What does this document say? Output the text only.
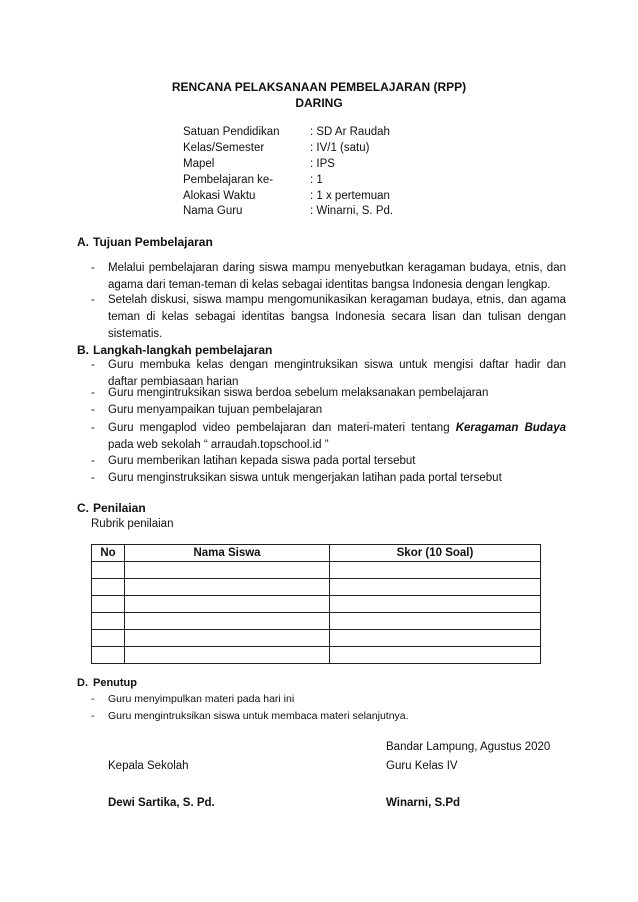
RENCANA PELAKSANAAN PEMBELAJARAN (RPP)
DARING
Satuan Pendidikan	: SD Ar Raudah
Kelas/Semester	: IV/1 (satu)
Mapel	: IPS
Pembelajaran ke-	: 1
Alokasi Waktu	: 1 x pertemuan
Nama Guru	: Winarni, S. Pd.
A. Tujuan Pembelajaran
- Melalui pembelajaran daring siswa mampu menyebutkan keragaman budaya, etnis, dan agama dari teman-teman di kelas sebagai identitas bangsa Indonesia dengan lengkap.
- Setelah diskusi, siswa mampu mengomunikasikan keragaman budaya, etnis, dan agama teman di kelas sebagai identitas bangsa Indonesia secara lisan dan tulisan dengan sistematis.
B. Langkah-langkah pembelajaran
- Guru membuka kelas dengan mengintruksikan siswa untuk mengisi daftar hadir dan daftar pembiasaan harian
- Guru mengintruksikan siswa berdoa sebelum melaksanakan pembelajaran
- Guru menyampaikan tujuan pembelajaran
- Guru mengaplod video pembelajaran dan materi-materi tentang Keragaman Budaya pada web sekolah “ arraudah.topschool.id ”
- Guru memberikan latihan kepada siswa pada portal tersebut
- Guru menginstruksikan siswa untuk mengerjakan latihan pada portal tersebut
C. Penilaian
Rubrik penilaian
No	Nama Siswa	Skor (10 Soal)

D. Penutup
- Guru menyimpulkan materi pada hari ini
- Guru mengintruksikan siswa untuk membaca materi selanjutnya.
Bandar Lampung, Agustus 2020
Kepala Sekolah	Guru Kelas IV
Dewi Sartika, S. Pd.	Winarni, S.Pd
